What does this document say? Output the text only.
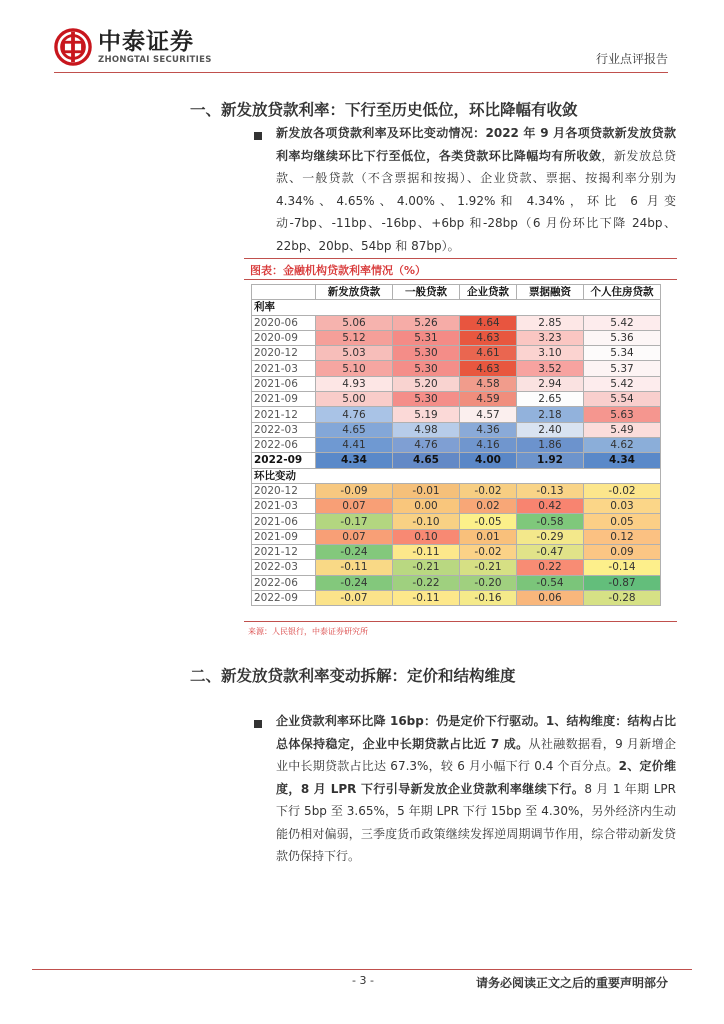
中泰证券
ZHONGTAI SECURITIES	行业点评报告
一、新发放贷款利率：下行至历史低位，环比降幅有收敛
新发放各项贷款利率及环比变动情况：2022 年 9 月各项贷款新发放贷款利率均继续环比下行至低位，各类贷款环比降幅均有所收敛，新发放总贷款、一般贷款（不含票据和按揭）、企业贷款、票据、按揭利率分别为 4.34%、4.65%、4.00%、1.92%和 4.34%，环比 6 月变动-7bp、-11bp、-16bp、+6bp 和-28bp（6 月份环比下降 24bp、22bp、20bp、54bp 和 87bp）。
图表：金融机构贷款利率情况（%）
	新发放贷款	一般贷款	企业贷款	票据融资	个人住房贷款
利率					
2020-06	5.06	5.26	4.64	2.85	5.42
2020-09	5.12	5.31	4.63	3.23	5.36
2020-12	5.03	5.30	4.61	3.10	5.34
2021-03	5.10	5.30	4.63	3.52	5.37
2021-06	4.93	5.20	4.58	2.94	5.42
2021-09	5.00	5.30	4.59	2.65	5.54
2021-12	4.76	5.19	4.57	2.18	5.63
2022-03	4.65	4.98	4.36	2.40	5.49
2022-06	4.41	4.76	4.16	1.86	4.62
2022-09	4.34	4.65	4.00	1.92	4.34
环比变动					
2020-12	-0.09	-0.01	-0.02	-0.13	-0.02
2021-03	0.07	0.00	0.02	0.42	0.03
2021-06	-0.17	-0.10	-0.05	-0.58	0.05
2021-09	0.07	0.10	0.01	-0.29	0.12
2021-12	-0.24	-0.11	-0.02	-0.47	0.09
2022-03	-0.11	-0.21	-0.21	0.22	-0.14
2022-06	-0.24	-0.22	-0.20	-0.54	-0.87
2022-09	-0.07	-0.11	-0.16	0.06	-0.28
来源：人民银行，中泰证券研究所
二、新发放贷款利率变动拆解：定价和结构维度
企业贷款利率环比降 16bp：仍是定价下行驱动。1、结构维度：结构占比总体保持稳定，企业中长期贷款占比近 7 成。从社融数据看，9 月新增企业中长期贷款占比达 67.3%，较 6 月小幅下行 0.4 个百分点。2、定价维度，8 月 LPR 下行引导新发放企业贷款利率继续下行。8 月 1 年期 LPR 下行 5bp 至 3.65%，5 年期 LPR 下行 15bp 至 4.30%，另外经济内生动能仍相对偏弱，三季度货币政策继续发挥逆周期调节作用，综合带动新发贷款仍保持下行。
- 3 -	请务必阅读正文之后的重要声明部分
